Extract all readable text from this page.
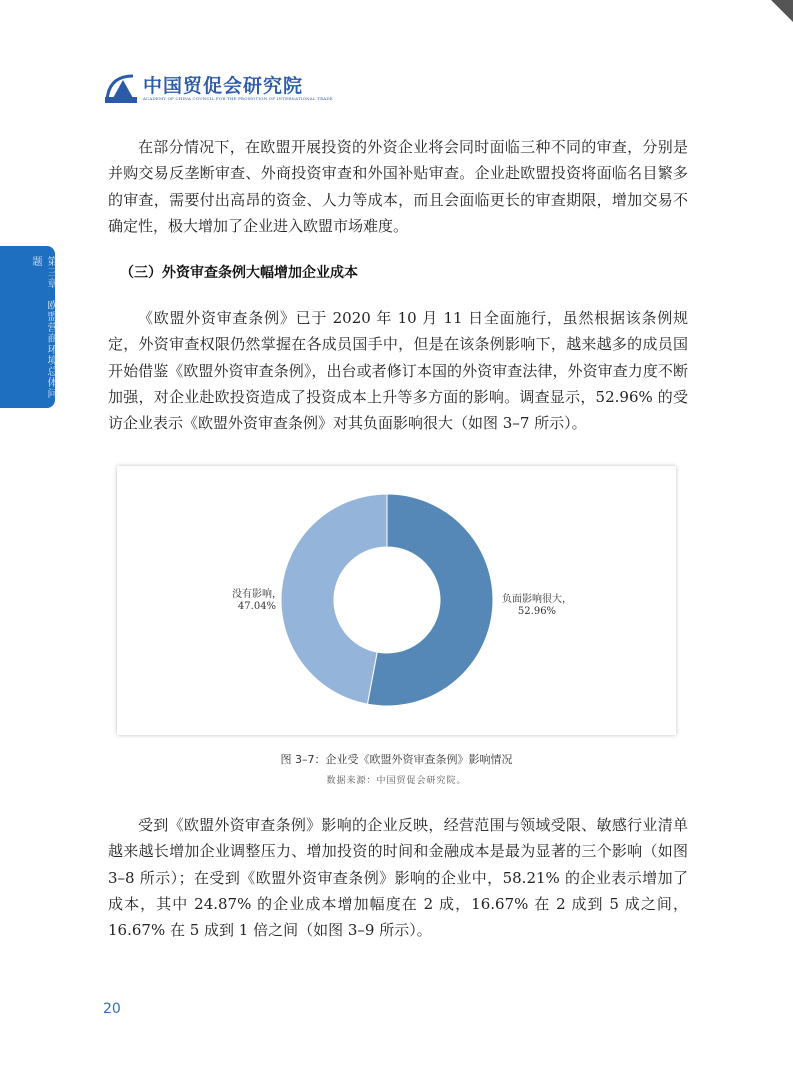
中国贸促会研究院
ACADEMY OF CHINA COUNCIL FOR THE PROMOTION OF INTERNATIONAL TRADE
第三章　欧盟营商环境总体问题

在部分情况下，在欧盟开展投资的外资企业将会同时面临三种不同的审查，分别是并购交易反垄断审查、外商投资审查和外国补贴审查。企业赴欧盟投资将面临名目繁多的审查，需要付出高昂的资金、人力等成本，而且会面临更长的审查期限，增加交易不确定性，极大增加了企业进入欧盟市场难度。

（三）外资审查条例大幅增加企业成本

《欧盟外资审查条例》已于 2020 年 10 月 11 日全面施行，虽然根据该条例规定，外资审查权限仍然掌握在各成员国手中，但是在该条例影响下，越来越多的成员国开始借鉴《欧盟外资审查条例》，出台或者修订本国的外资审查法律，外资审查力度不断加强，对企业赴欧投资造成了投资成本上升等多方面的影响。调查显示，52.96% 的受访企业表示《欧盟外资审查条例》对其负面影响很大（如图 3–7 所示）。

没有影响，
47.04%
负面影响很大，
52.96%
图 3–7：企业受《欧盟外资审查条例》影响情况
数据来源：中国贸促会研究院。

受到《欧盟外资审查条例》影响的企业反映，经营范围与领域受限、敏感行业清单越来越长增加企业调整压力、增加投资的时间和金融成本是最为显著的三个影响（如图 3–8 所示）；在受到《欧盟外资审查条例》影响的企业中，58.21% 的企业表示增加了成本，其中 24.87% 的企业成本增加幅度在 2 成，16.67% 在 2 成到 5 成之间，16.67% 在 5 成到 1 倍之间（如图 3–9 所示）。

20
